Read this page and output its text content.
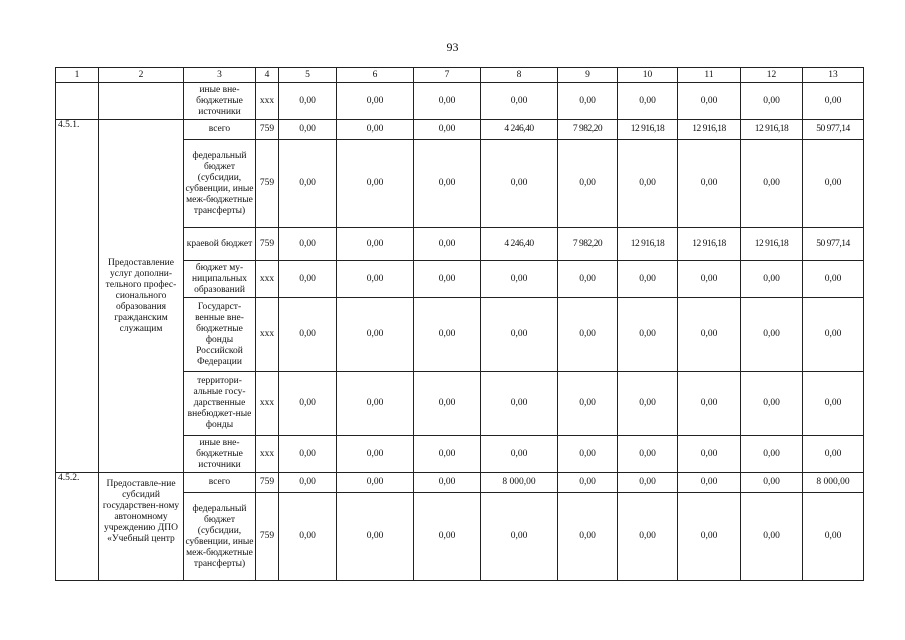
93
1	2	3	4	5	6	7	8	9	10	11	12	13
		иные вне-бюджетные источники	ххх	0,00	0,00	0,00	0,00	0,00	0,00	0,00	0,00	0,00
4.5.1.	Предоставление услуг дополни-тельного профес-сионального образования гражданским служащим	всего	759	0,00	0,00	0,00	4 246,40	7 982,20	12 916,18	12 916,18	12 916,18	50 977,14
		федеральный бюджет (субсидии, субвенции, иные меж-бюджетные трансферты)	759	0,00	0,00	0,00	0,00	0,00	0,00	0,00	0,00	0,00
		краевой бюджет	759	0,00	0,00	0,00	4 246,40	7 982,20	12 916,18	12 916,18	12 916,18	50 977,14
		бюджет му-ниципальных образований	ххх	0,00	0,00	0,00	0,00	0,00	0,00	0,00	0,00	0,00
		Государст-венные вне-бюджетные фонды Российской Федерации	ххх	0,00	0,00	0,00	0,00	0,00	0,00	0,00	0,00	0,00
		территори-альные госу-дарственные внебюджет-ные фонды	ххх	0,00	0,00	0,00	0,00	0,00	0,00	0,00	0,00	0,00
		иные вне-бюджетные источники	ххх	0,00	0,00	0,00	0,00	0,00	0,00	0,00	0,00	0,00
4.5.2.	Предоставле-ние субсидий государствен-ному автономному учреждению ДПО «Учебный центр	всего	759	0,00	0,00	0,00	8 000,00	0,00	0,00	0,00	0,00	8 000,00
		федеральный бюджет (субсидии, субвенции, иные меж-бюджетные трансферты)	759	0,00	0,00	0,00	0,00	0,00	0,00	0,00	0,00	0,00
